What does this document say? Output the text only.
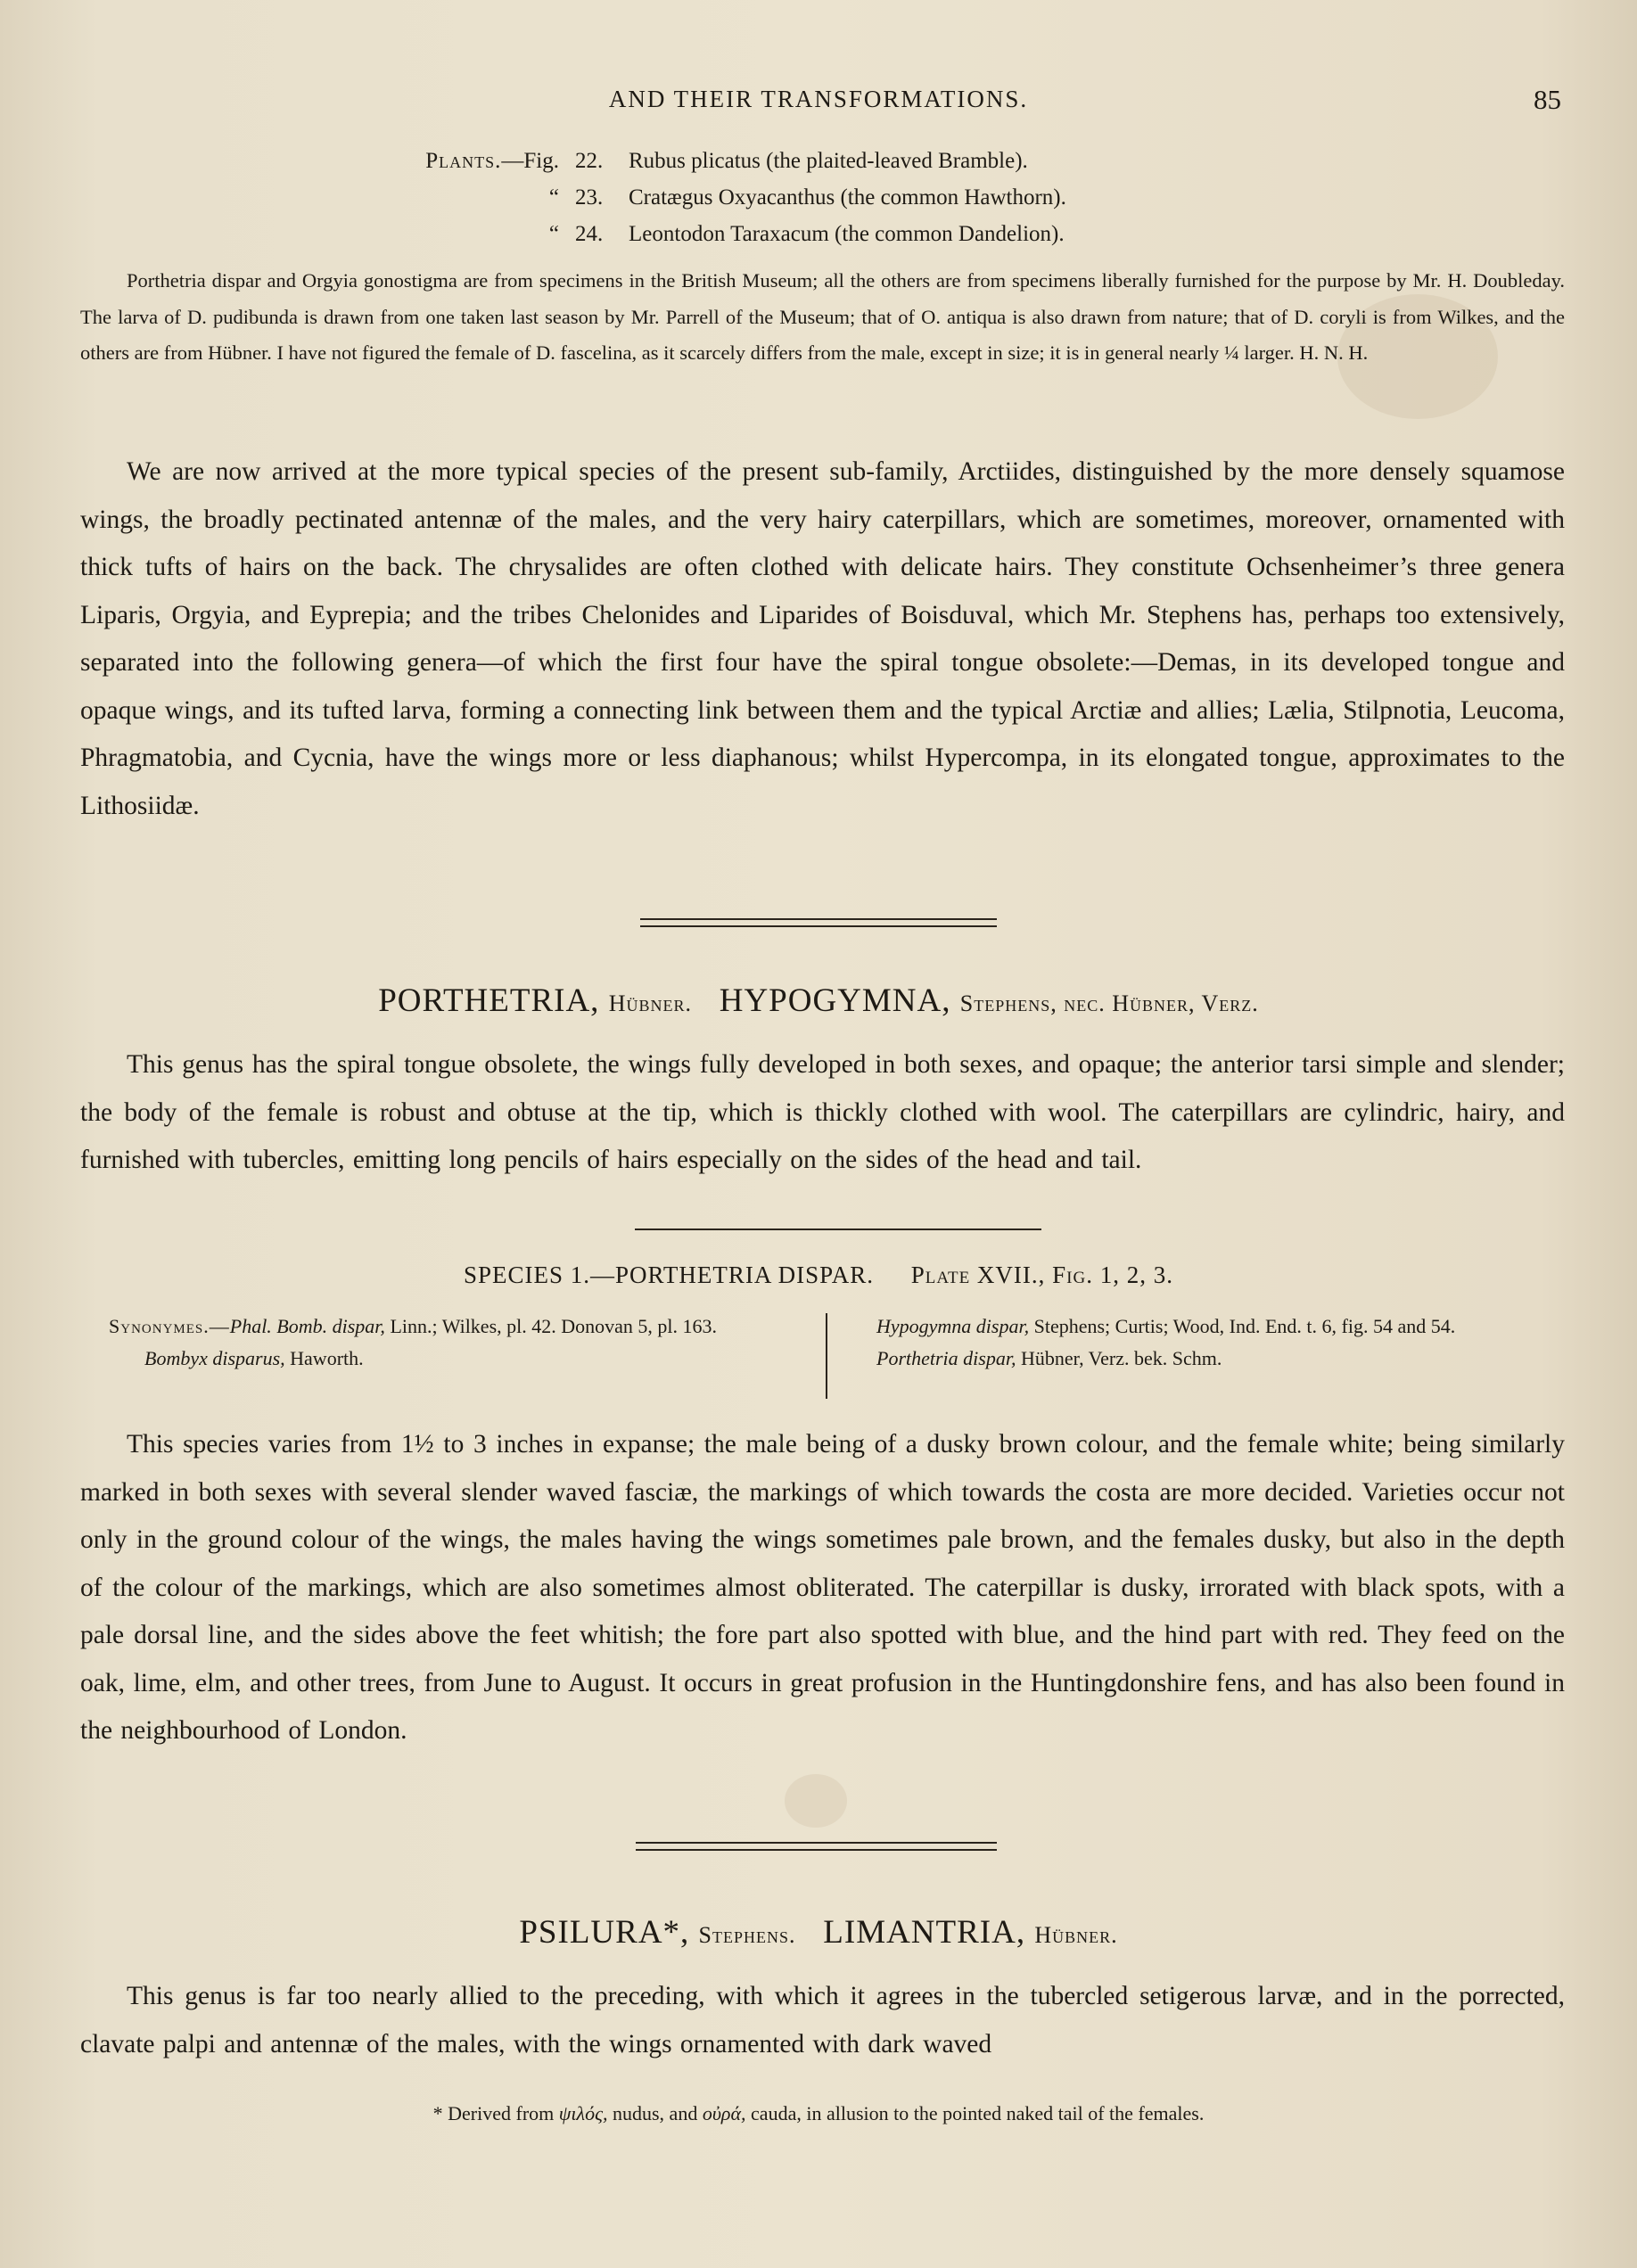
AND THEIR TRANSFORMATIONS.	85
Plants.—Fig. 22.	Rubus plicatus (the plaited-leaved Bramble).
“ 23.	Cratægus Oxyacanthus (the common Hawthorn).
“ 24.	Leontodon Taraxacum (the common Dandelion).
Porthetria dispar and Orgyia gonostigma are from specimens in the British Museum; all the others are from specimens liberally furnished for the purpose by Mr. H. Doubleday. The larva of D. pudibunda is drawn from one taken last season by Mr. Parrell of the Museum; that of O. antiqua is also drawn from nature; that of D. coryli is from Wilkes, and the others are from Hübner. I have not figured the female of D. fascelina, as it scarcely differs from the male, except in size; it is in general nearly ¼ larger. H. N. H.
We are now arrived at the more typical species of the present sub-family, Arctiides, distinguished by the more densely squamose wings, the broadly pectinated antennæ of the males, and the very hairy caterpillars, which are sometimes, moreover, ornamented with thick tufts of hairs on the back. The chrysalides are often clothed with delicate hairs. They constitute Ochsenheimer’s three genera Liparis, Orgyia, and Eyprepia; and the tribes Chelonides and Liparides of Boisduval, which Mr. Stephens has, perhaps too extensively, separated into the following genera—of which the first four have the spiral tongue obsolete:—Demas, in its developed tongue and opaque wings, and its tufted larva, forming a connecting link between them and the typical Arctiæ and allies; Lælia, Stilpnotia, Leucoma, Phragmatobia, and Cycnia, have the wings more or less diaphanous; whilst Hypercompa, in its elongated tongue, approximates to the Lithosiidæ.
PORTHETRIA, Hübner. HYPOGYMNA, Stephens, nec. Hübner, Verz.
This genus has the spiral tongue obsolete, the wings fully developed in both sexes, and opaque; the anterior tarsi simple and slender; the body of the female is robust and obtuse at the tip, which is thickly clothed with wool. The caterpillars are cylindric, hairy, and furnished with tubercles, emitting long pencils of hairs especially on the sides of the head and tail.
SPECIES 1.—PORTHETRIA DISPAR. Plate XVII., Fig. 1, 2, 3.
Synonymes.—Phal. Bomb. dispar, Linn.; Wilkes, pl. 42. Donovan 5, pl. 163.
Bombyx disparus, Haworth.
Hypogymna dispar, Stephens; Curtis; Wood, Ind. End. t. 6, fig. 54 and 54.
Porthetria dispar, Hübner, Verz. bek. Schm.
This species varies from 1½ to 3 inches in expanse; the male being of a dusky brown colour, and the female white; being similarly marked in both sexes with several slender waved fasciæ, the markings of which towards the costa are more decided. Varieties occur not only in the ground colour of the wings, the males having the wings sometimes pale brown, and the females dusky, but also in the depth of the colour of the markings, which are also sometimes almost obliterated. The caterpillar is dusky, irrorated with black spots, with a pale dorsal line, and the sides above the feet whitish; the fore part also spotted with blue, and the hind part with red. They feed on the oak, lime, elm, and other trees, from June to August. It occurs in great profusion in the Huntingdonshire fens, and has also been found in the neighbourhood of London.
PSILURA*, Stephens. LIMANTRIA, Hübner.
This genus is far too nearly allied to the preceding, with which it agrees in the tubercled setigerous larvæ, and in the porrected, clavate palpi and antennæ of the males, with the wings ornamented with dark waved
* Derived from ψιλός, nudus, and οὐρά, cauda, in allusion to the pointed naked tail of the females.
